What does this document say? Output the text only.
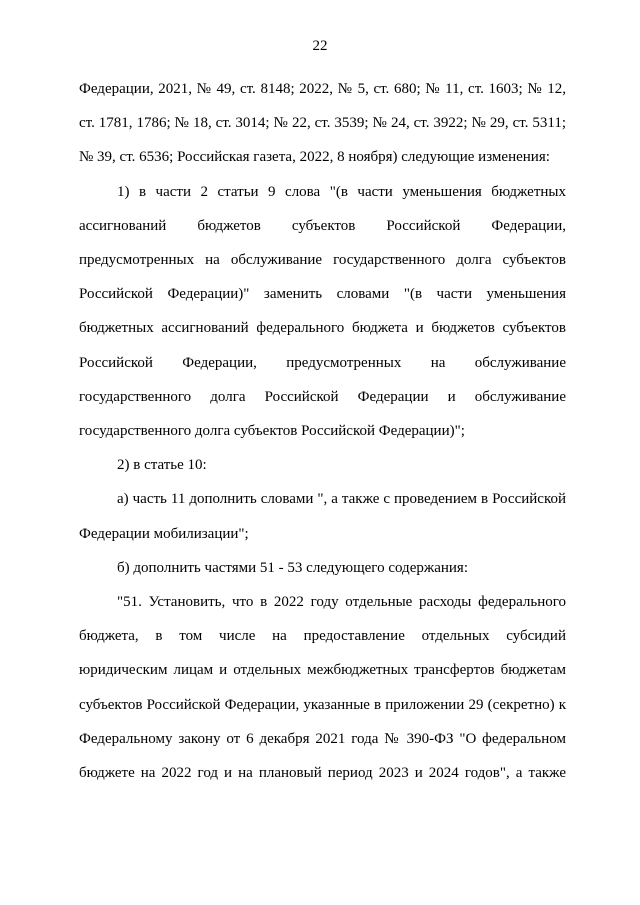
22

Федерации, 2021, № 49, ст. 8148; 2022, № 5, ст. 680; № 11, ст. 1603; № 12, ст. 1781, 1786; № 18, ст. 3014; № 22, ст. 3539; № 24, ст. 3922; № 29, ст. 5311; № 39, ст. 6536; Российская газета, 2022, 8 ноября) следующие изменения:

1) в части 2 статьи 9 слова "(в части уменьшения бюджетных ассигнований бюджетов субъектов Российской Федерации, предусмотренных на обслуживание государственного долга субъектов Российской Федерации)" заменить словами "(в части уменьшения бюджетных ассигнований федерального бюджета и бюджетов субъектов Российской Федерации, предусмотренных на обслуживание государственного долга Российской Федерации и обслуживание государственного долга субъектов Российской Федерации)";

2) в статье 10:

а) часть 11 дополнить словами ", а также с проведением в Российской Федерации мобилизации";

б) дополнить частями 51 - 53 следующего содержания:

"51. Установить, что в 2022 году отдельные расходы федерального бюджета, в том числе на предоставление отдельных субсидий юридическим лицам и отдельных межбюджетных трансфертов бюджетам субъектов Российской Федерации, указанные в приложении 29 (секретно) к Федеральному закону от 6 декабря 2021 года № 390-ФЗ "О федеральном бюджете на 2022 год и на плановый период 2023 и 2024 годов", а также
